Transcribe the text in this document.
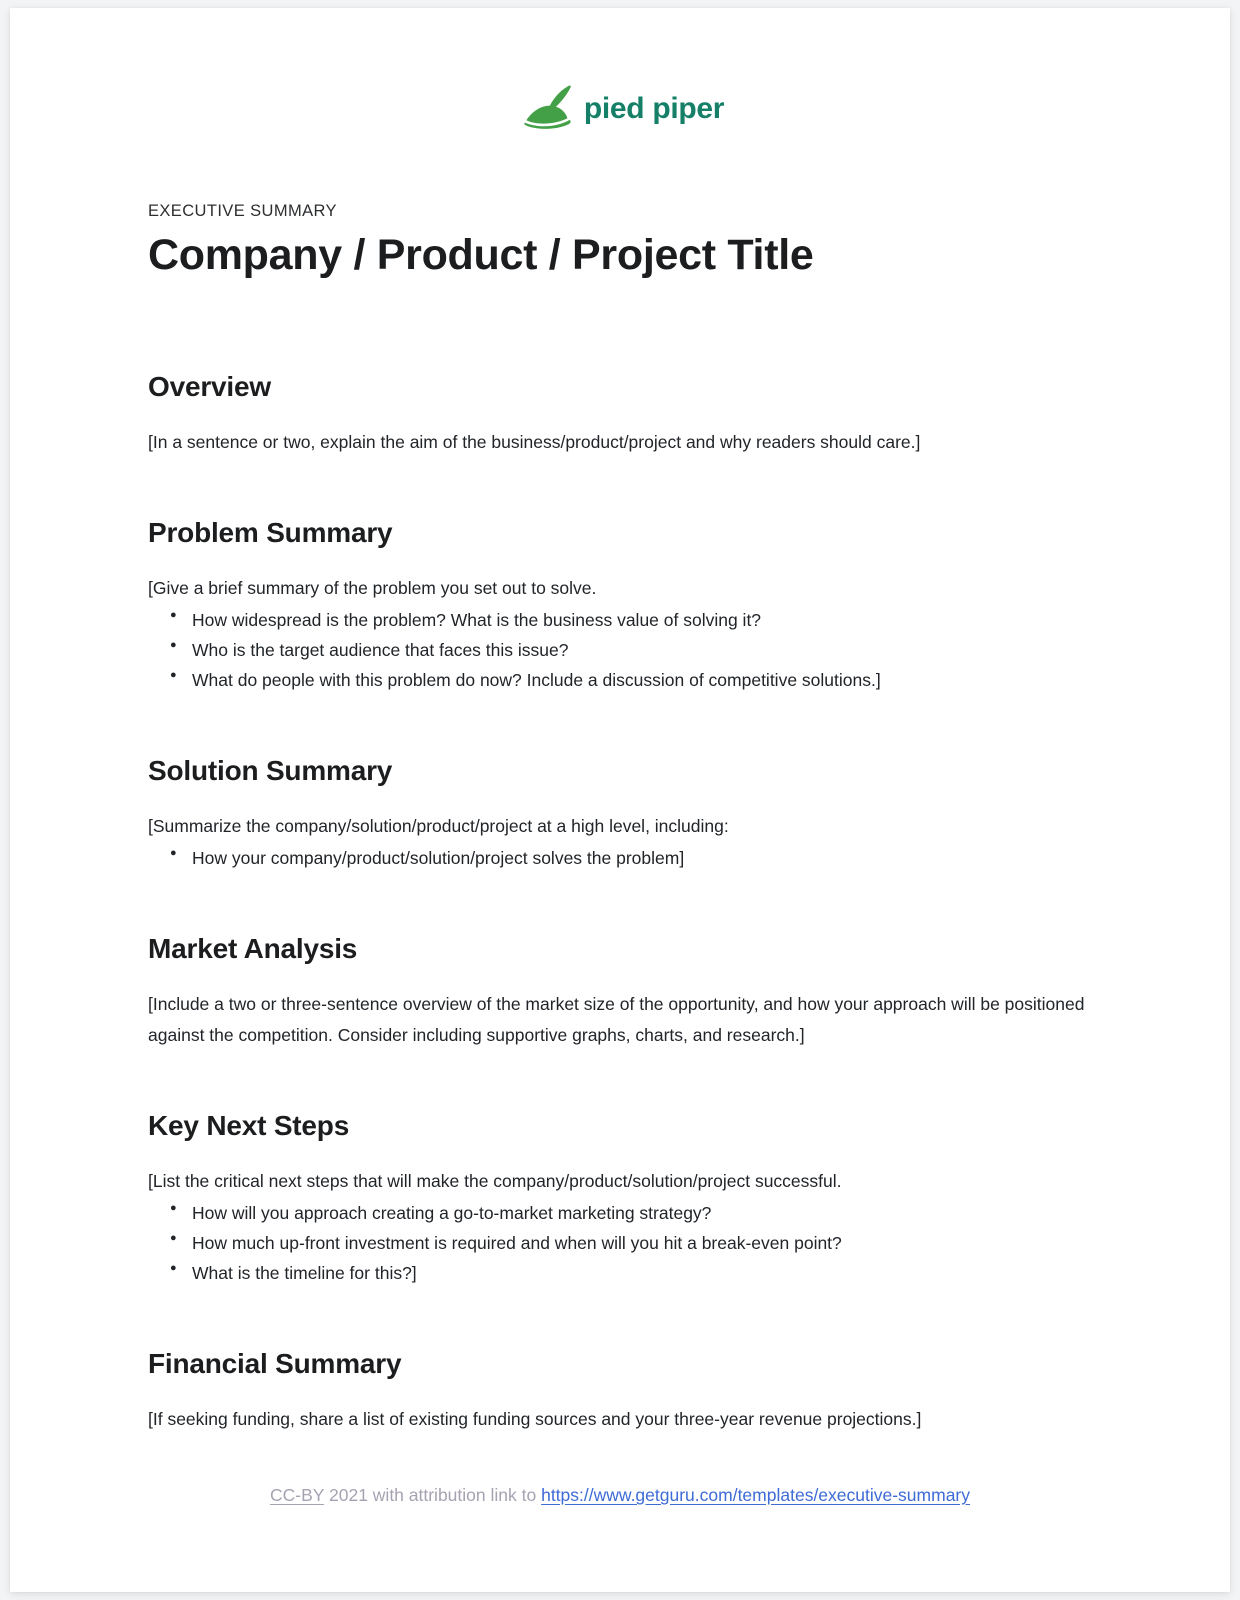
pied piper
EXECUTIVE SUMMARY
Company / Product / Project Title
Overview

[In a sentence or two, explain the aim of the business/product/project and why readers should care.]

Problem Summary

[Give a brief summary of the problem you set out to solve.

● How widespread is the problem? What is the business value of solving it?
● Who is the target audience that faces this issue?
● What do people with this problem do now? Include a discussion of competitive solutions.]
Solution Summary

[Summarize the company/solution/product/project at a high level, including:

● How your company/product/solution/project solves the problem]
Market Analysis

[Include a two or three-sentence overview of the market size of the opportunity, and how your approach will be positioned against the competition. Consider including supportive graphs, charts, and research.]

Key Next Steps

[List the critical next steps that will make the company/product/solution/project successful.

● How will you approach creating a go-to-market marketing strategy?
● How much up-front investment is required and when will you hit a break-even point?
● What is the timeline for this?]
Financial Summary

[If seeking funding, share a list of existing funding sources and your three-year revenue projections.]

CC-BY 2021 with attribution link to https://www.getguru.com/templates/executive-summary
